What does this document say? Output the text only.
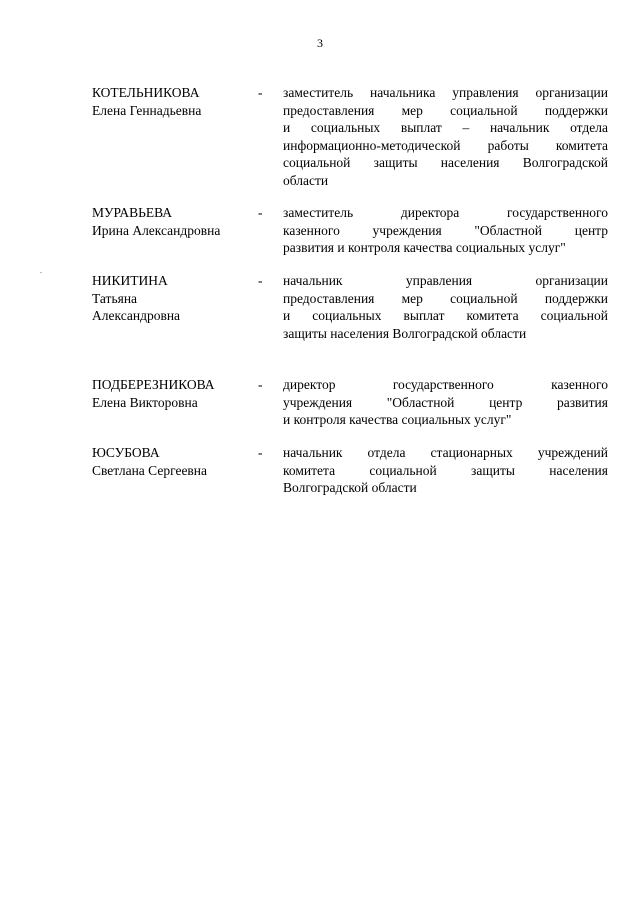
3
КОТЕЛЬНИКОВА
Елена Геннадьевна
- заместитель начальника управления организации
предоставления мер социальной поддержки
и социальных выплат – начальник отдела
информационно-методической работы комитета
социальной защиты населения Волгоградской
области
МУРАВЬЕВА
Ирина Александровна
- заместитель директора государственного
казенного учреждения "Областной центр
развития и контроля качества социальных услуг"
НИКИТИНА
Татьяна
Александровна
- начальник управления организации
предоставления мер социальной поддержки
и социальных выплат комитета социальной
защиты населения Волгоградской области
ПОДБЕРЕЗНИКОВА
Елена Викторовна
- директор государственного казенного
учреждения "Областной центр развития
и контроля качества социальных услуг"
ЮСУБОВА
Светлана Сергеевна
- начальник отдела стационарных учреждений
комитета социальной защиты населения
Волгоградской области
